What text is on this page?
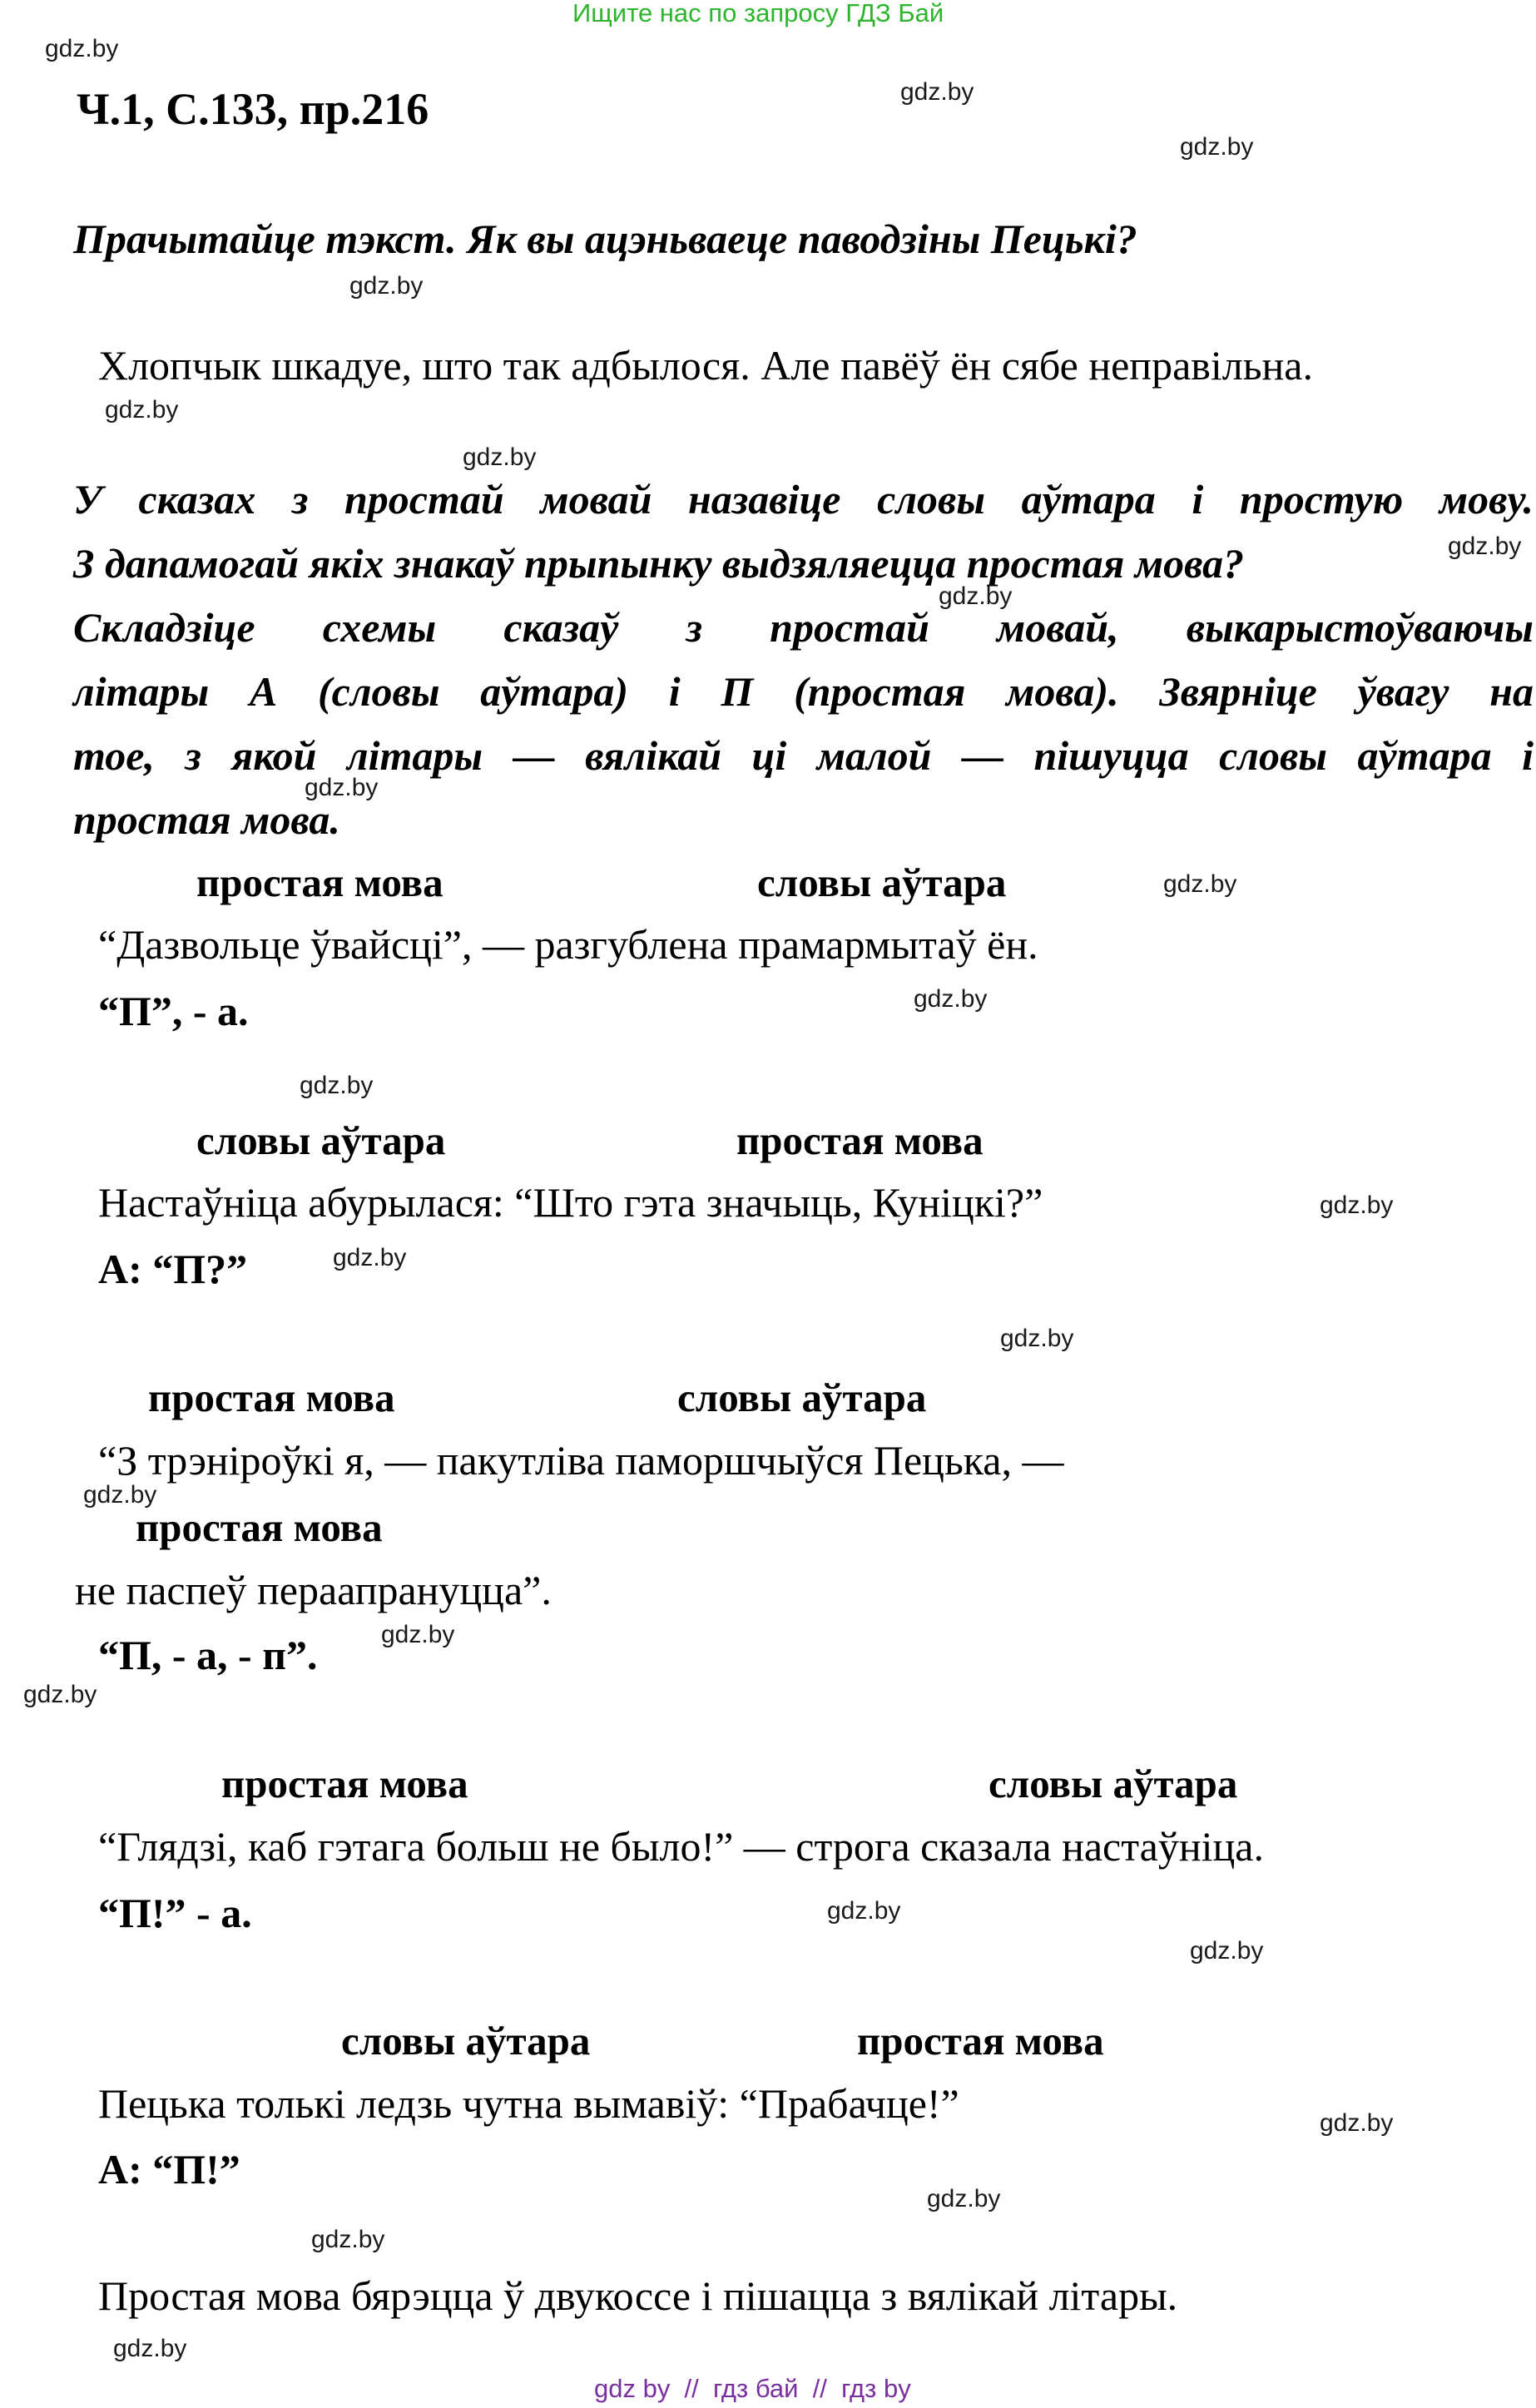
Ищите нас по запросу ГДЗ Бай
Ч.1, С.133, пр.216
Прачытайце тэкст. Як вы ацэньваеце паводзіны Пецькі?
Хлопчык шкадуе, што так адбылося. Але павёў ён сябе неправільна.
У сказах з простай мовай назавіце словы аўтара і простую мову.
З дапамогай якіх знакаў прыпынку выдзяляецца простая мова?
Складзіце схемы сказаў з простай мовай, выкарыстоўваючы
літары А (словы аўтара) і П (простая мова). Звярніце ўвагу на
тое, з якой літары — вялікай ці малой — пішуцца словы аўтара і
простая мова.
простая мова	словы аўтара
“Дазвольце ўвайсці”, — разгублена прамармытаў ён.
“П”, - а.
словы аўтара	простая мова
Настаўніца абурылася: “Што гэта значыць, Куніцкі?”
А: “П?”
простая мова	словы аўтара
“З трэніроўкі я, — пакутліва паморшчыўся Пецька, —
простая мова
не паспеў пераапрануцца”.
“П, - а, - п”.
простая мова	словы аўтара
“Глядзі, каб гэтага больш не было!” — строга сказала настаўніца.
“П!” - а.
словы аўтара	простая мова
Пецька толькі ледзь чутна вымавіў: “Прабачце!”
А: “П!”
Простая мова бярэцца ў двукоссе і пішацца з вялікай літары.
gdz.by
gdz.by
gdz.by
gdz.by
gdz.by
gdz.by
gdz.by
gdz.by
gdz.by
gdz.by
gdz.by
gdz.by
gdz.by
gdz.by
gdz.by
gdz.by
gdz.by
gdz.by
gdz.by
gdz.by
gdz.by
gdz.by
gdz.by
gdz.by
gdz by  //  гдз бай  //  гдз by
